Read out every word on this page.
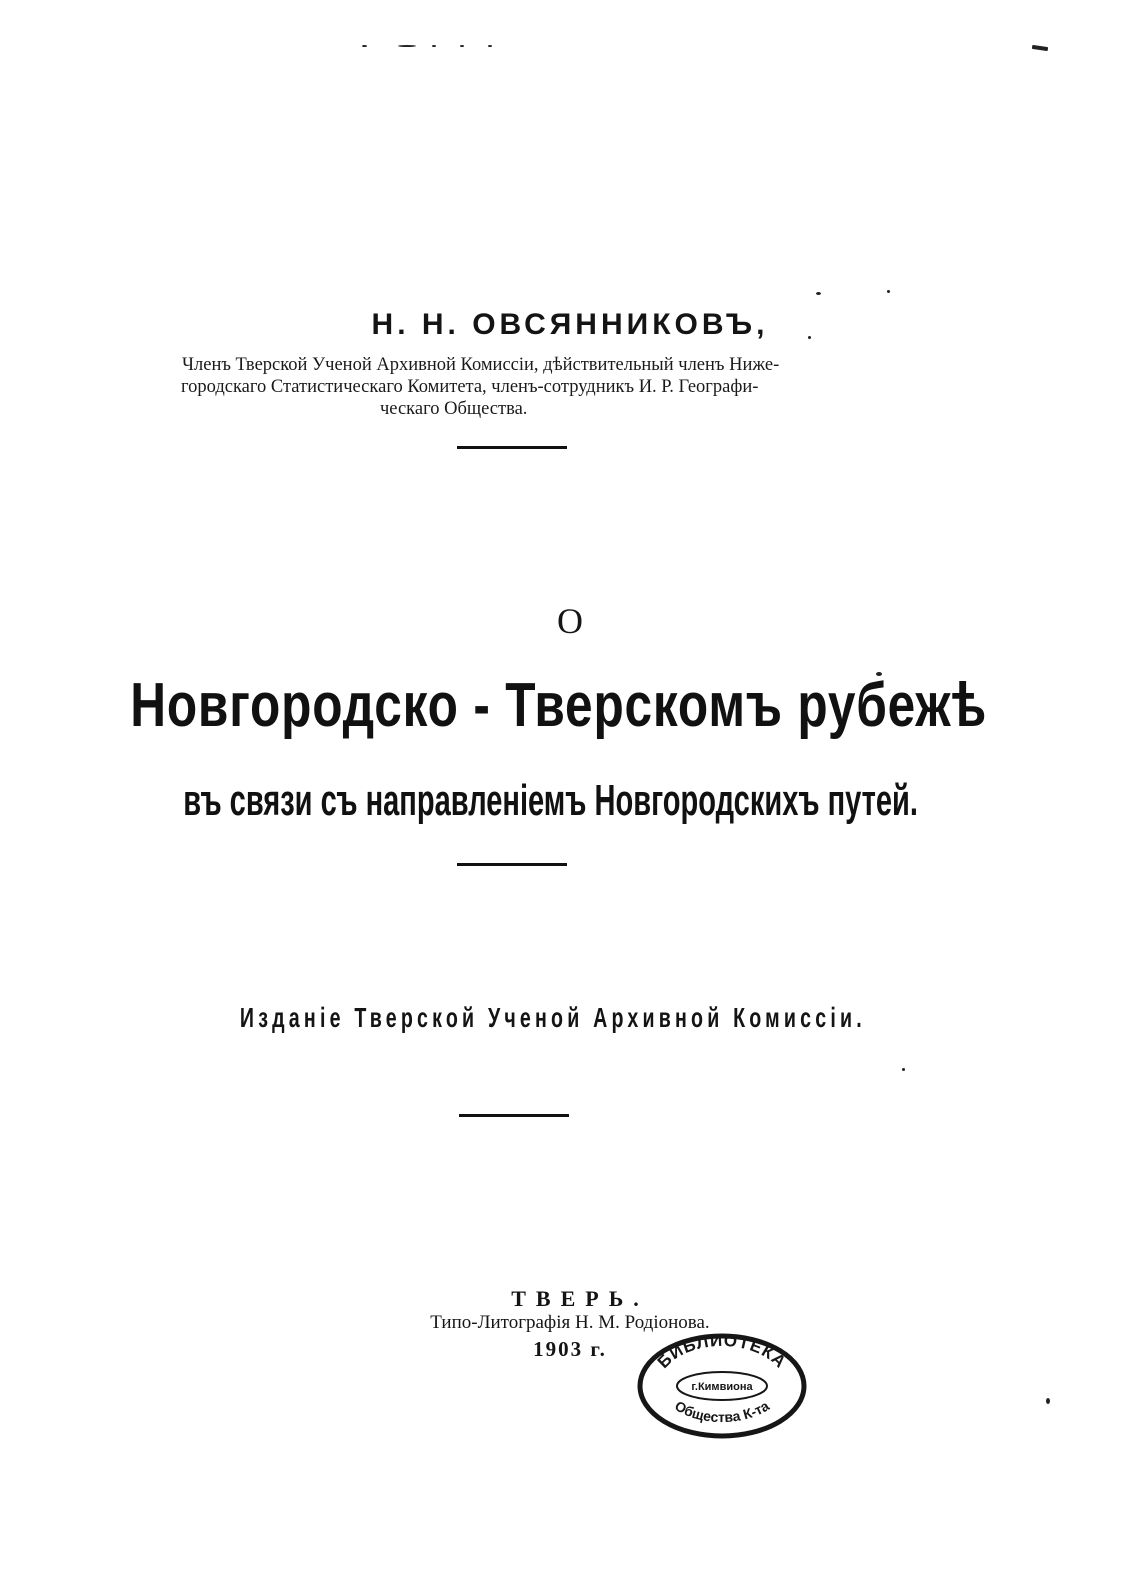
Н. Н. ОВСЯННИКОВЪ,
Членъ Тверской Ученой Архивной Комиссіи, дѣйствительный членъ Ниже-
городскаго Статистическаго Комитета, членъ-сотрудникъ И. Р. Географи-
ческаго Общества.
О
Новгородско - Тверскомъ рубежѣ
въ связи съ направленіемъ Новгородскихъ путей.
Изданіе Тверской Ученой Архивной Комиссіи.
ТВЕРЬ.
Типо-Литографія Н. М. Родіонова.
1903 г.	БИБЛИОТЕКА
г.Кимвиона
Общества К-та
